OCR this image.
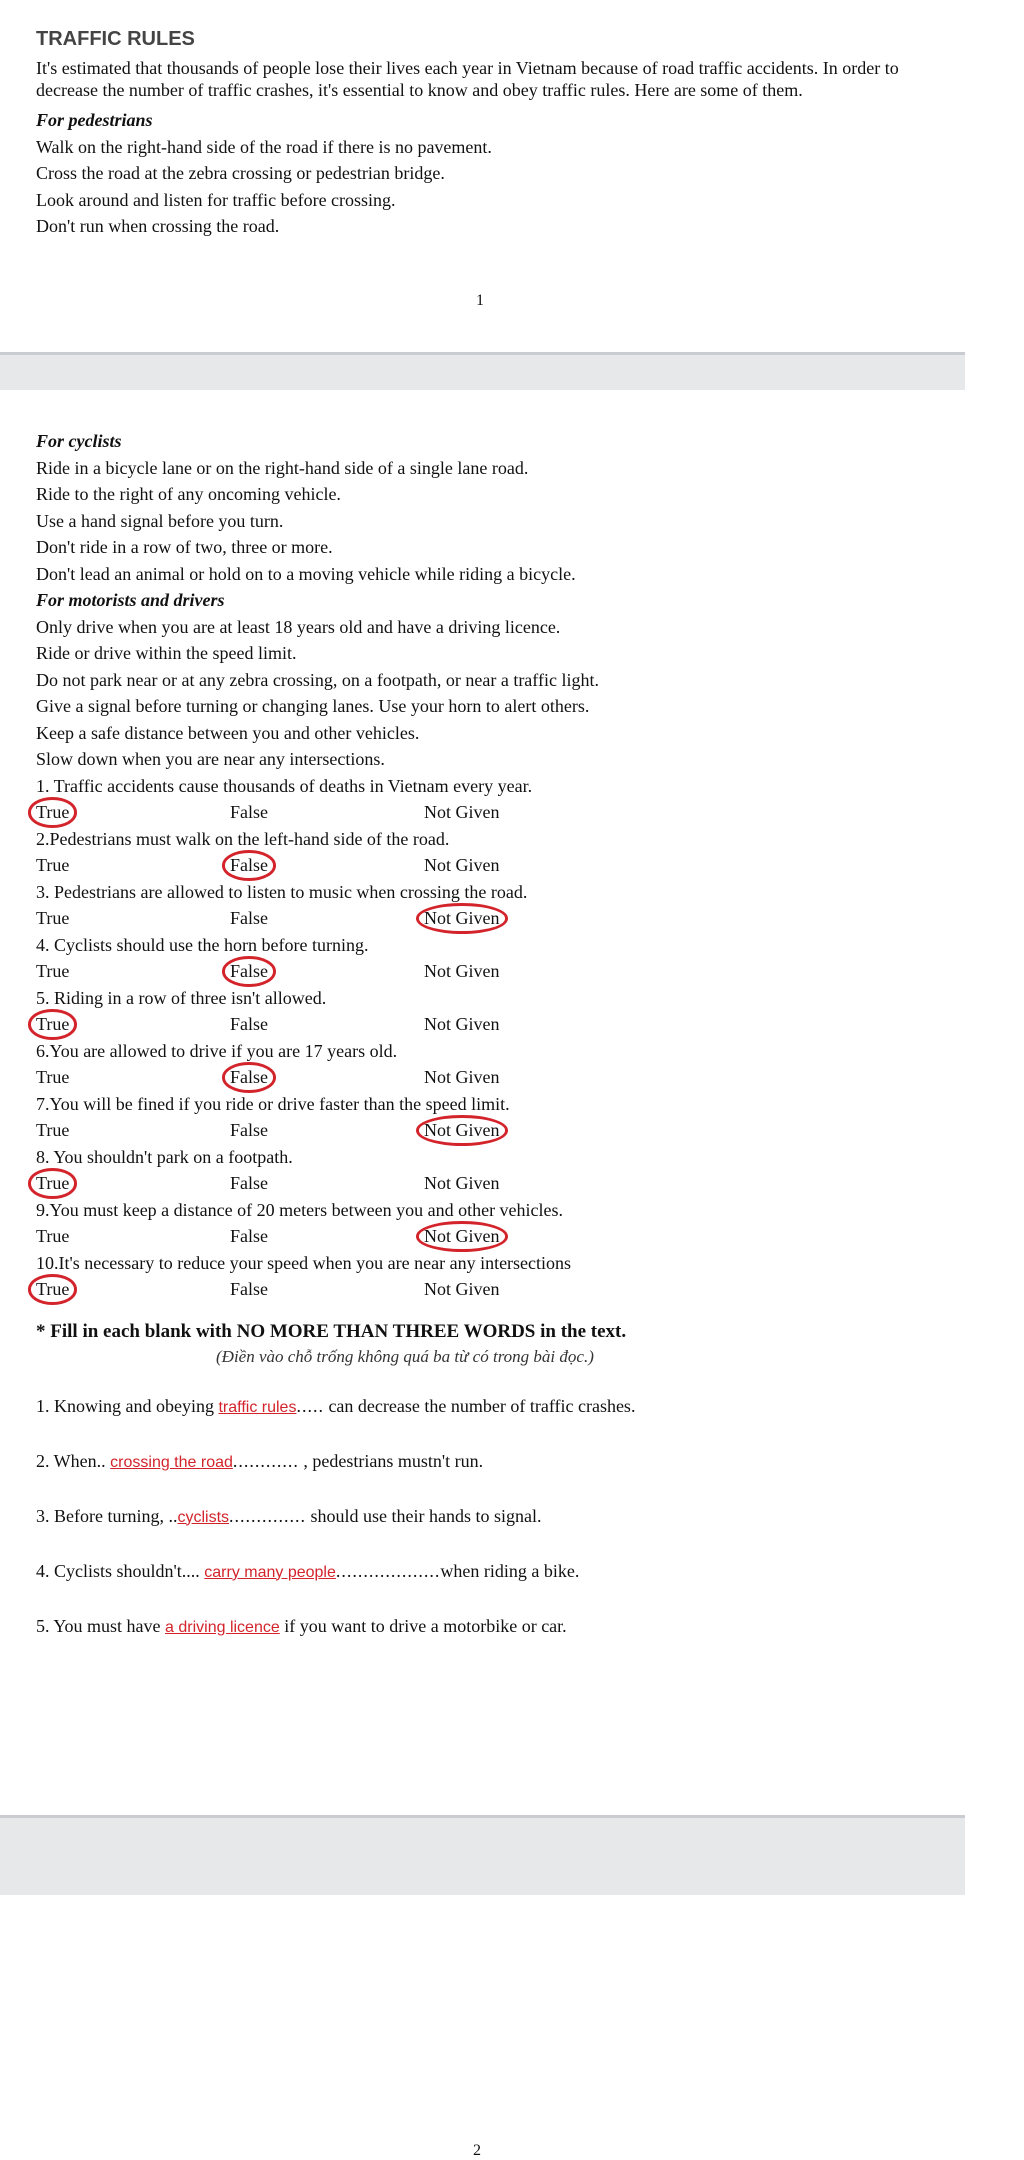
TRAFFIC RULES
It's estimated that thousands of people lose their lives each year in Vietnam because of road traffic accidents. In order to decrease the number of traffic crashes, it's essential to know and obey traffic rules. Here are some of them.
For pedestrians
Walk on the right-hand side of the road if there is no pavement.
Cross the road at the zebra crossing or pedestrian bridge.
Look around and listen for traffic before crossing.
Don't run when crossing the road.
1
For cyclists
Ride in a bicycle lane or on the right-hand side of a single lane road.
Ride to the right of any oncoming vehicle.
Use a hand signal before you turn.
Don't ride in a row of two, three or more.
Don't lead an animal or hold on to a moving vehicle while riding a bicycle.
For motorists and drivers
Only drive when you are at least 18 years old and have a driving licence.
Ride or drive within the speed limit.
Do not park near or at any zebra crossing, on a footpath, or near a traffic light.
Give a signal before turning or changing lanes. Use your horn to alert others.
Keep a safe distance between you and other vehicles.
Slow down when you are near any intersections.
1. Traffic accidents cause thousands of deaths in Vietnam every year.
True	False	Not Given
2.Pedestrians must walk on the left-hand side of the road.
True	False	Not Given
3. Pedestrians are allowed to listen to music when crossing the road.
True	False	Not Given
4. Cyclists should use the horn before turning.
True	False	Not Given
5. Riding in a row of three isn't allowed.
True	False	Not Given
6.You are allowed to drive if you are 17 years old.
True	False	Not Given
7.You will be fined if you ride or drive faster than the speed limit.
True	False	Not Given
8. You shouldn't park on a footpath.
True	False	Not Given
9.You must keep a distance of 20 meters between you and other vehicles.
True	False	Not Given
10.It's necessary to reduce your speed when you are near any intersections
True	False	Not Given
* Fill in each blank with NO MORE THAN THREE WORDS in the text.
(Điền vào chỗ trống không quá ba từ có trong bài đọc.)
1. Knowing and obeying traffic rules..... can decrease the number of traffic crashes.
2. When.. crossing the road............ , pedestrians mustn't run.
3. Before turning, ..cyclists.............. should use their hands to signal.
4. Cyclists shouldn't.... carry many people...................when riding a bike.
5. You must have a driving licence if you want to drive a motorbike or car.
2
